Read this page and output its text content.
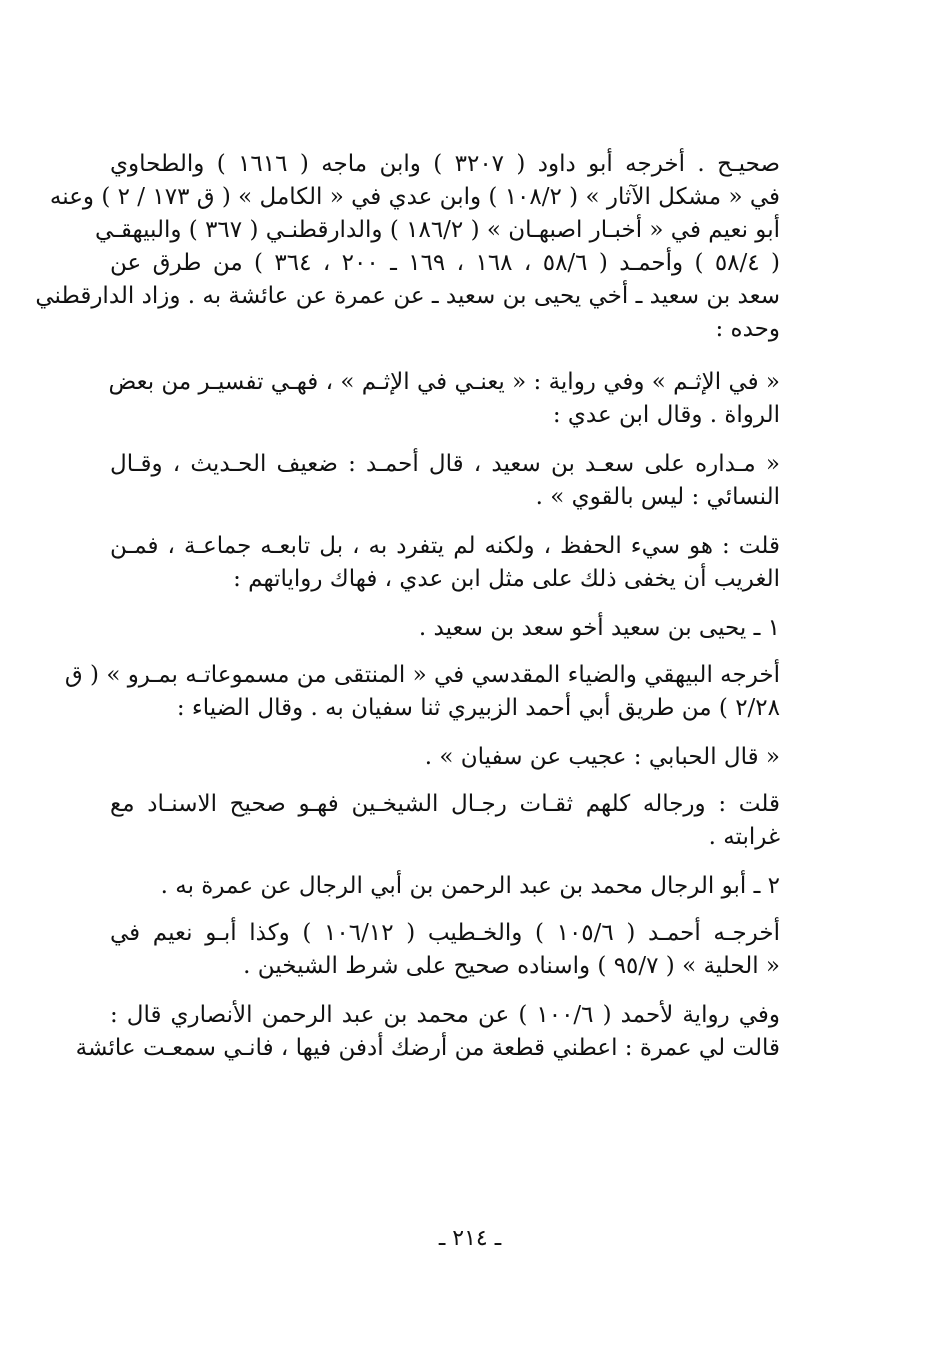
صحيـح . أخرجه أبو داود ( ٣٢٠٧ ) وابن ماجه ( ١٦١٦ ) والطحاوي
في « مشكل الآثار » ( ١٠٨/٢ ) وابن عدي في « الكامل » ( ق ١٧٣ / ٢ ) وعنه
أبو نعيم في « أخبـار اصبهـان » ( ١٨٦/٢ ) والدارقطنـي ( ٣٦٧ ) والبيهقـي
( ٥٨/٤ ) وأحمـد ( ٥٨/٦ ، ١٦٨ ، ١٦٩ ـ ٢٠٠ ، ٣٦٤ ) من طرق عن
سعد بن سعيد ـ أخي يحيى بن سعيد ـ عن عمرة عن عائشة به . وزاد الدارقطني
وحده :
« في الإثـم » وفي رواية : « يعنـي في الإثـم » ، فهـي تفسيـر من بعض
الرواة . وقال ابن عدي :
« مـداره على سعـد بن سعيد ، قال أحمـد : ضعيف الحـديث ، وقـال
النسائي : ليس بالقوي » .
قلت : هو سيء الحفظ ، ولكنه لم يتفرد به ، بل تابعـه جماعـة ، فمـن
الغريب أن يخفى ذلك على مثل ابن عدي ، فهاك رواياتهم :
١ ـ يحيى بن سعيد أخو سعد بن سعيد .
أخرجه البيهقي والضياء المقدسي في « المنتقى من مسموعاتـه بمـرو » ( ق
٢/٢٨ ) من طريق أبي أحمد الزبيري ثنا سفيان به . وقال الضياء :
« قال الحبابي : عجيب عن سفيان » .
قلت : ورجاله كلهم ثقـات رجـال الشيخـين فهـو صحيح الاسنـاد مع
غرابته .
٢ ـ أبو الرجال محمد بن عبد الرحمن بن أبي الرجال عن عمرة به .
أخرجـه أحمـد ( ١٠٥/٦ ) والخـطيب ( ١٠٦/١٢ ) وكذا أبـو نعيم في
« الحلية » ( ٩٥/٧ ) واسناده صحيح على شرط الشيخين .
وفي رواية لأحمد ( ١٠٠/٦ ) عن محمد بن عبد الرحمن الأنصاري قال :
قالت لي عمرة : اعطني قطعة من أرضك أدفن فيها ، فانـي سمعـت عائشة
ـ ٢١٤ ـ
